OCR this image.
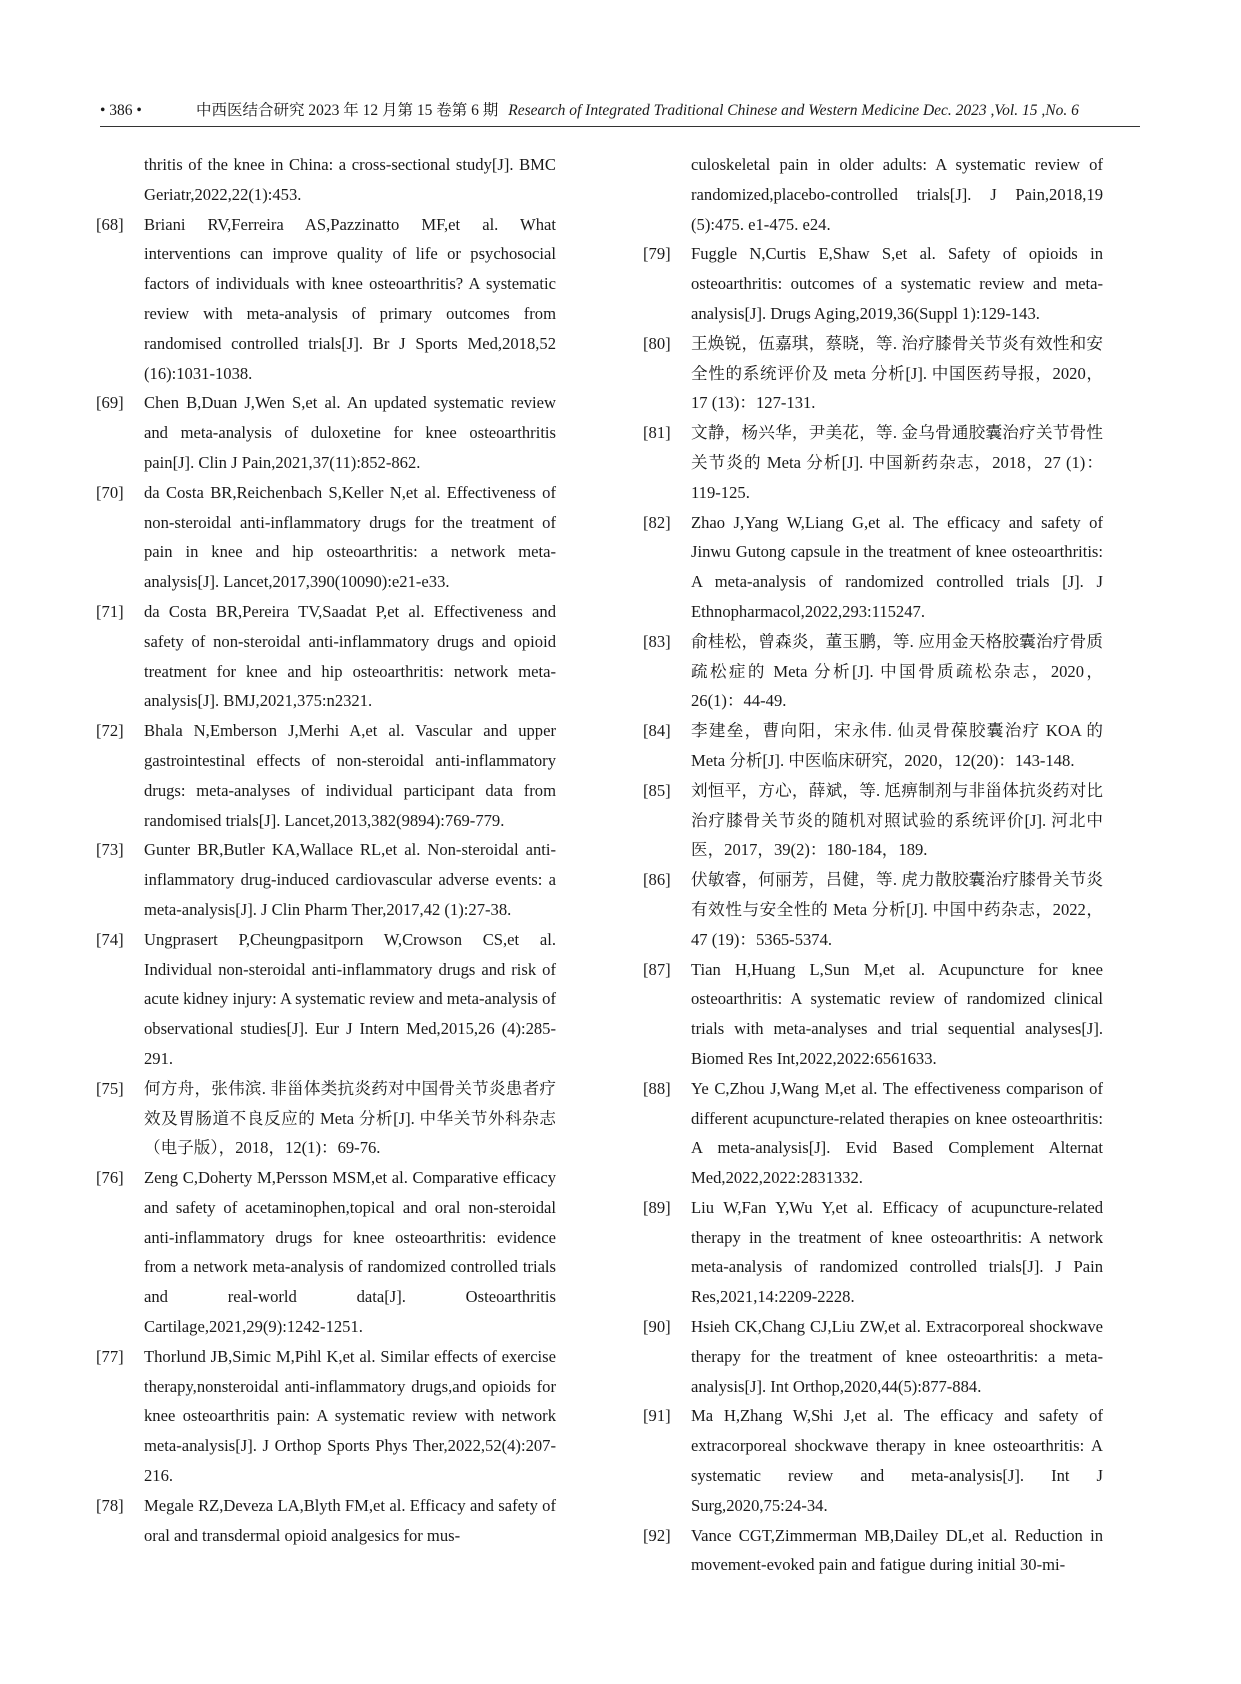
• 386 •	中西医结合研究 2023 年 12 月第 15 卷第 6 期 Research of Integrated Traditional Chinese and Western Medicine Dec. 2023 ,Vol. 15 ,No. 6
thritis of the knee in China: a cross-sectional study[J]. BMC Geriatr,2022,22(1):453.
[68] Briani RV,Ferreira AS,Pazzinatto MF,et al. What interventions can improve quality of life or psychosocial factors of individuals with knee osteoarthritis? A systematic review with meta-analysis of primary outcomes from randomised controlled trials[J]. Br J Sports Med,2018,52 (16):1031-1038.
[69] Chen B,Duan J,Wen S,et al. An updated systematic review and meta-analysis of duloxetine for knee osteoarthritis pain[J]. Clin J Pain,2021,37(11):852-862.
[70] da Costa BR,Reichenbach S,Keller N,et al. Effectiveness of non-steroidal anti-inflammatory drugs for the treatment of pain in knee and hip osteoarthritis: a network meta-analysis[J]. Lancet,2017,390(10090):e21-e33.
[71] da Costa BR,Pereira TV,Saadat P,et al. Effectiveness and safety of non-steroidal anti-inflammatory drugs and opioid treatment for knee and hip osteoarthritis: network meta-analysis[J]. BMJ,2021,375:n2321.
[72] Bhala N,Emberson J,Merhi A,et al. Vascular and upper gastrointestinal effects of non-steroidal anti-inflammatory drugs: meta-analyses of individual participant data from randomised trials[J]. Lancet,2013,382(9894):769-779.
[73] Gunter BR,Butler KA,Wallace RL,et al. Non-steroidal anti-inflammatory drug-induced cardiovascular adverse events: a meta-analysis[J]. J Clin Pharm Ther,2017,42 (1):27-38.
[74] Ungprasert P,Cheungpasitporn W,Crowson CS,et al. Individual non-steroidal anti-inflammatory drugs and risk of acute kidney injury: A systematic review and meta-analysis of observational studies[J]. Eur J Intern Med,2015,26 (4):285-291.
[75] 何方舟，张伟滨. 非甾体类抗炎药对中国骨关节炎患者疗效及胃肠道不良反应的 Meta 分析[J]. 中华关节外科杂志（电子版），2018，12(1)：69-76.
[76] Zeng C,Doherty M,Persson MSM,et al. Comparative efficacy and safety of acetaminophen,topical and oral non-steroidal anti-inflammatory drugs for knee osteoarthritis: evidence from a network meta-analysis of randomized controlled trials and real-world data[J]. Osteoarthritis Cartilage,2021,29(9):1242-1251.
[77] Thorlund JB,Simic M,Pihl K,et al. Similar effects of exercise therapy,nonsteroidal anti-inflammatory drugs,and opioids for knee osteoarthritis pain: A systematic review with network meta-analysis[J]. J Orthop Sports Phys Ther,2022,52(4):207-216.
[78] Megale RZ,Deveza LA,Blyth FM,et al. Efficacy and safety of oral and transdermal opioid analgesics for mus-
culoskeletal pain in older adults: A systematic review of randomized,placebo-controlled trials[J]. J Pain,2018,19 (5):475. e1-475. e24.
[79] Fuggle N,Curtis E,Shaw S,et al. Safety of opioids in osteoarthritis: outcomes of a systematic review and meta-analysis[J]. Drugs Aging,2019,36(Suppl 1):129-143.
[80] 王焕锐，伍嘉琪，蔡晓，等. 治疗膝骨关节炎有效性和安全性的系统评价及 meta 分析[J]. 中国医药导报，2020，17 (13)：127-131.
[81] 文静，杨兴华，尹美花，等. 金乌骨通胶囊治疗关节骨性关节炎的 Meta 分析[J]. 中国新药杂志，2018，27 (1)：119-125.
[82] Zhao J,Yang W,Liang G,et al. The efficacy and safety of Jinwu Gutong capsule in the treatment of knee osteoarthritis: A meta-analysis of randomized controlled trials [J]. J Ethnopharmacol,2022,293:115247.
[83] 俞桂松，曾森炎，董玉鹏，等. 应用金天格胶囊治疗骨质疏松症的 Meta 分析[J]. 中国骨质疏松杂志，2020，26(1)：44-49.
[84] 李建垒，曹向阳，宋永伟. 仙灵骨葆胶囊治疗 KOA 的 Meta 分析[J]. 中医临床研究，2020，12(20)：143-148.
[85] 刘恒平，方心，薛斌，等. 尪痹制剂与非甾体抗炎药对比治疗膝骨关节炎的随机对照试验的系统评价[J]. 河北中医，2017，39(2)：180-184，189.
[86] 伏敏睿，何丽芳，吕健，等. 虎力散胶囊治疗膝骨关节炎有效性与安全性的 Meta 分析[J]. 中国中药杂志，2022，47 (19)：5365-5374.
[87] Tian H,Huang L,Sun M,et al. Acupuncture for knee osteoarthritis: A systematic review of randomized clinical trials with meta-analyses and trial sequential analyses[J]. Biomed Res Int,2022,2022:6561633.
[88] Ye C,Zhou J,Wang M,et al. The effectiveness comparison of different acupuncture-related therapies on knee osteoarthritis: A meta-analysis[J]. Evid Based Complement Alternat Med,2022,2022:2831332.
[89] Liu W,Fan Y,Wu Y,et al. Efficacy of acupuncture-related therapy in the treatment of knee osteoarthritis: A network meta-analysis of randomized controlled trials[J]. J Pain Res,2021,14:2209-2228.
[90] Hsieh CK,Chang CJ,Liu ZW,et al. Extracorporeal shockwave therapy for the treatment of knee osteoarthritis: a meta-analysis[J]. Int Orthop,2020,44(5):877-884.
[91] Ma H,Zhang W,Shi J,et al. The efficacy and safety of extracorporeal shockwave therapy in knee osteoarthritis: A systematic review and meta-analysis[J]. Int J Surg,2020,75:24-34.
[92] Vance CGT,Zimmerman MB,Dailey DL,et al. Reduction in movement-evoked pain and fatigue during initial 30-mi-
